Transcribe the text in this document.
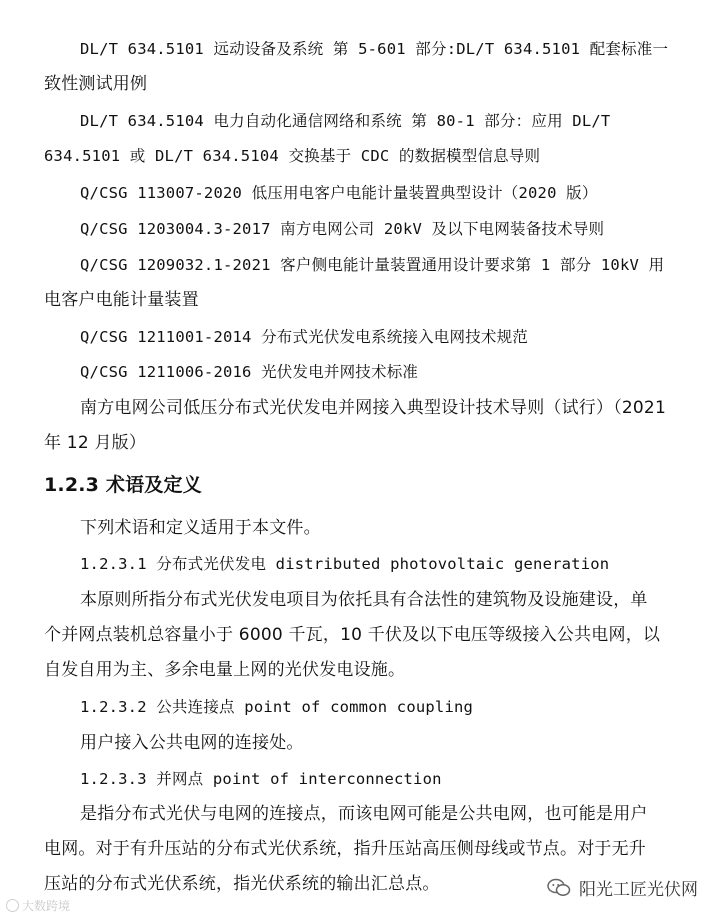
DL/T 634.5101 远动设备及系统 第 5-601 部分:DL/T 634.5101 配套标准一
致性测试用例
DL/T 634.5104 电力自动化通信网络和系统 第 80-1 部分：应用 DL/T
634.5101 或 DL/T 634.5104 交换基于 CDC 的数据模型信息导则
Q/CSG 113007-2020 低压用电客户电能计量装置典型设计（2020 版）
Q/CSG 1203004.3-2017 南方电网公司 20kV 及以下电网装备技术导则
Q/CSG 1209032.1-2021 客户侧电能计量装置通用设计要求第 1 部分 10kV 用
电客户电能计量装置
Q/CSG 1211001-2014 分布式光伏发电系统接入电网技术规范
Q/CSG 1211006-2016 光伏发电并网技术标准
南方电网公司低压分布式光伏发电并网接入典型设计技术导则（试行）（2021
年 12 月版）
1.2.3 术语及定义
下列术语和定义适用于本文件。
1.2.3.1 分布式光伏发电 distributed photovoltaic generation
本原则所指分布式光伏发电项目为依托具有合法性的建筑物及设施建设，单
个并网点装机总容量小于 6000 千瓦，10 千伏及以下电压等级接入公共电网，以
自发自用为主、多余电量上网的光伏发电设施。
1.2.3.2 公共连接点 point of common coupling
用户接入公共电网的连接处。
1.2.3.3 并网点 point of interconnection
是指分布式光伏与电网的连接点，而该电网可能是公共电网，也可能是用户
电网。对于有升压站的分布式光伏系统，指升压站高压侧母线或节点。对于无升
压站的分布式光伏系统，指光伏系统的输出汇总点。
大数跨境
阳光工匠光伏网
